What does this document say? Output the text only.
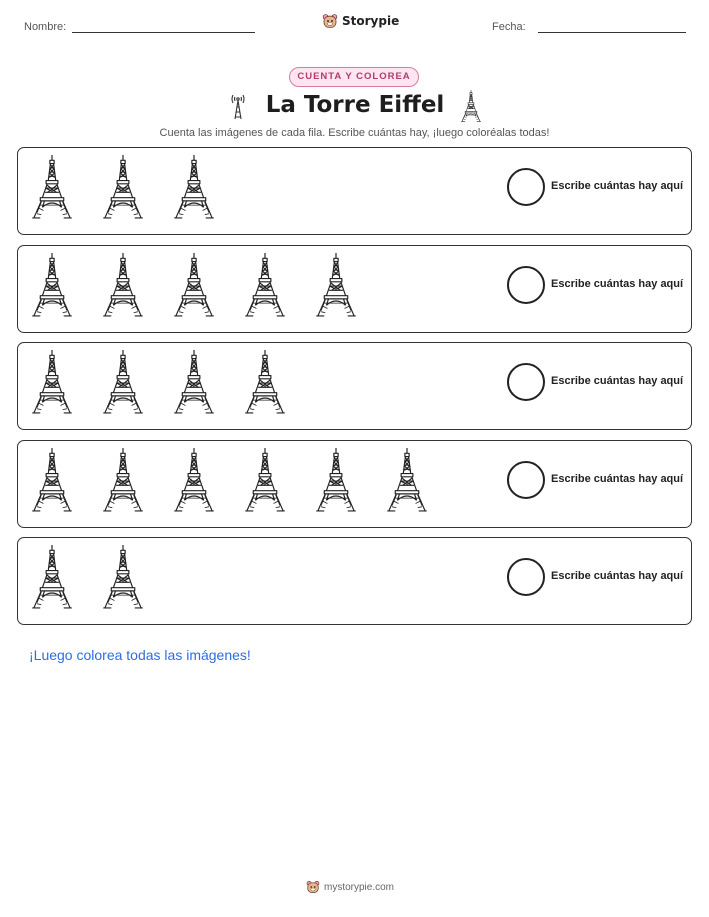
Nombre:	Storypie	Fecha:
CUENTA Y COLOREA
La Torre Eiffel
Cuenta las imágenes de cada fila. Escribe cuántas hay, ¡luego coloréalas todas!
Escribe cuántas hay aquí
Escribe cuántas hay aquí
Escribe cuántas hay aquí
Escribe cuántas hay aquí
Escribe cuántas hay aquí
¡Luego colorea todas las imágenes!
mystorypie.com
